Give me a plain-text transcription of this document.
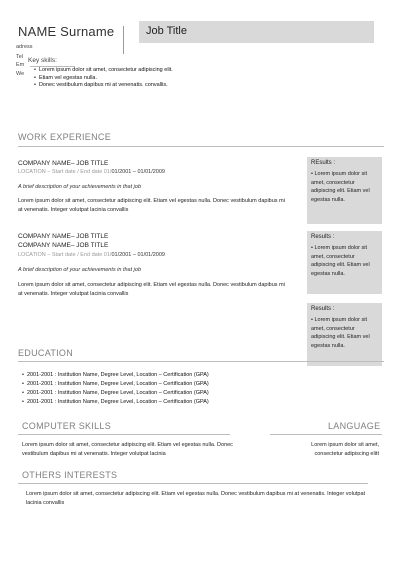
NAME Surname	Job Title
adress
Tel
Em
We
Key skills:
• Lorem ipsum dolor sit amet, consectetur adipiscing elit.
• Etiam vel egestas nulla.
• Donec vestibulum dapibus mi at venenatis. convallis.
WORK EXPERIENCE
COMPANY NAME– JOB TITLE
LOCATION – Start date / End date 01/01/2001 – 01/01/2009
A brief description of your achievements in that job
Lorem ipsum dolor sit amet, consectetur adipiscing elit. Etiam vel egestas nulla. Donec vestibulum dapibus mi at venenatis. Integer volutpat lacinia convallis
REsults :
• Lorem ipsum dolor sit amet, consectetur adipiscing elit. Etiam vel egestas nulla.
COMPANY NAME– JOB TITLE
COMPANY NAME– JOB TITLE
LOCATION – Start date / End date 01/01/2001 – 01/01/2009
A brief description of your achievements in that job
Lorem ipsum dolor sit amet, consectetur adipiscing elit. Etiam vel egestas nulla. Donec vestibulum dapibus mi at venenatis. Integer volutpat lacinia convallis
Results :
• Lorem ipsum dolor sit amet, consectetur adipiscing elit. Etiam vel egestas nulla.
Results :
• Lorem ipsum dolor sit amet, consectetur adipiscing elit. Etiam vel egestas nulla.
EDUCATION
• 2001-2001 : Institution Name, Degree Level, Location – Certification (GPA)
• 2001-2001 : Institution Name, Degree Level, Location – Certification (GPA)
• 2001-2001 : Institution Name, Degree Level, Location – Certification (GPA)
• 2001-2001 : Institution Name, Degree Level, Location – Certification (GPA)
COMPUTER SKILLS
Lorem ipsum dolor sit amet, consectetur adipiscing elit. Etiam vel egestas nulla. Donec vestibulum dapibus mi at venenatis. Integer volutpat lacinia
LANGUAGE
Lorem ipsum dolor sit amet, consectetur adipiscing elitt
OTHERS INTERESTS
Lorem ipsum dolor sit amet, consectetur adipiscing elit. Etiam vel egestas nulla. Donec vestibulum dapibus mi at venenatis. Integer volutpat lacinia convallis
